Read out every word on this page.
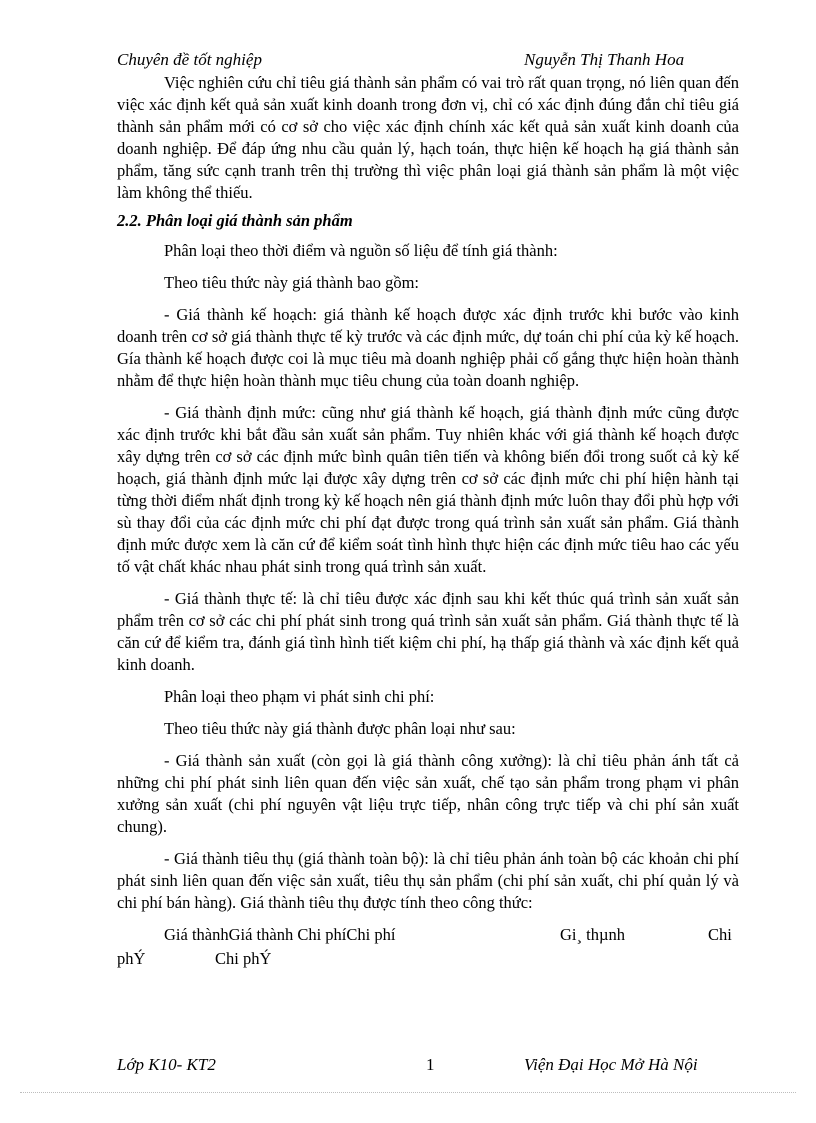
Chuyên đề tốt nghiệp	Nguyễn Thị Thanh Hoa

Việc nghiên cứu chỉ tiêu giá thành sản phẩm có vai trò rất quan trọng, nó liên quan đến việc xác định kết quả sản xuất kinh doanh trong đơn vị, chỉ có xác định đúng đắn chỉ tiêu giá thành sản phẩm mới có cơ sở cho việc xác định chính xác kết quả sản xuất kinh doanh của doanh nghiệp. Để đáp ứng nhu cầu quản lý, hạch toán, thực hiện kế hoạch hạ giá thành sản phẩm, tăng sức cạnh tranh trên thị trường thì việc phân loại giá thành sản phẩm là một việc làm không thể thiếu.

2.2. Phân loại giá thành sản phẩm

Phân loại theo thời điểm và nguồn số liệu để tính giá thành:

Theo tiêu thức này giá thành bao gồm:

- Giá thành kế hoạch: giá thành kế hoạch được xác định trước khi bước vào kinh doanh trên cơ sở giá thành thực tế kỳ trước và các định mức, dự toán chi phí của kỳ kế hoạch. Gía thành kế hoạch được coi là mục tiêu mà doanh nghiệp phải cố gắng thực hiện hoàn thành nhằm để thực hiện hoàn thành mục tiêu chung của toàn doanh nghiệp.

- Giá thành định mức: cũng như giá thành kế hoạch, giá thành định mức cũng được xác định trước khi bắt đầu sản xuất sản phẩm. Tuy nhiên khác với giá thành kế hoạch được xây dựng trên cơ sở các định mức bình quân tiên tiến và không biến đổi trong suốt cả kỳ kế hoạch, giá thành định mức lại được xây dựng trên cơ sở các định mức chi phí hiện hành tại từng thời điểm nhất định trong kỳ kế hoạch nên giá thành định mức luôn thay đổi phù hợp với sù thay đổi của các định mức chi phí đạt được trong quá trình sản xuất sản phẩm. Giá thành định mức được xem là căn cứ để kiểm soát tình hình thực hiện các định mức tiêu hao các yếu tố vật chất khác nhau phát sinh trong quá trình sản xuất.

- Giá thành thực tế: là chỉ tiêu được xác định sau khi kết thúc quá trình sản xuất sản phẩm trên cơ sở các chi phí phát sinh trong quá trình sản xuất sản phẩm. Giá thành thực tế là căn cứ để kiểm tra, đánh giá tình hình tiết kiệm chi phí, hạ thấp giá thành và xác định kết quả kinh doanh.

Phân loại theo phạm vi phát sinh chi phí:

Theo tiêu thức này giá thành được phân loại như sau:

- Giá thành sản xuất (còn gọi là giá thành công xưởng): là chỉ tiêu phản ánh tất cả những chi phí phát sinh liên quan đến việc sản xuất, chế tạo sản phẩm trong phạm vi phân xưởng sản xuất (chi phí nguyên vật liệu trực tiếp, nhân công trực tiếp và chi phí sản xuất chung).

- Giá thành tiêu thụ (giá thành toàn bộ): là chỉ tiêu phản ánh toàn bộ các khoản chi phí phát sinh liên quan đến việc sản xuất, tiêu thụ sản phẩm (chi phí sản xuất, chi phí quản lý và chi phí bán hàng). Giá thành tiêu thụ được tính theo công thức:

Giá thànhGiá thành Chi phíChi phí	Gi¸ thµnh	Chi
phÝ	Chi phÝ
Lớp K10- KT2	1	Viện Đại Học Mở Hà Nội
